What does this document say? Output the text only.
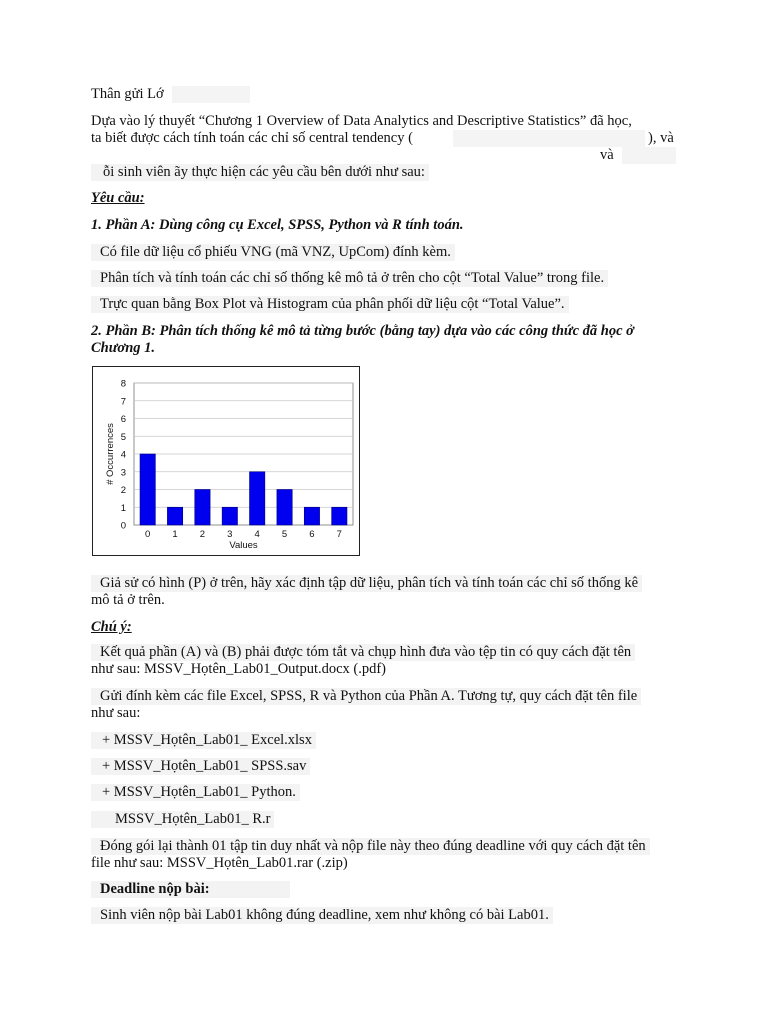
Thân gửi Lớ
Dựa vào lý thuyết “Chương 1 Overview of Data Analytics and Descriptive Statistics” đã học,
ta biết được cách tính toán các chỉ số central tendency (	), và
và
ỗi sinh viên ãy thực hiện các yêu cầu bên dưới như sau:
Yêu cầu:
1. Phần A: Dùng công cụ Excel, SPSS, Python và R tính toán.
Có file dữ liệu cổ phiếu VNG (mã VNZ, UpCom) đính kèm.
Phân tích và tính toán các chỉ số thống kê mô tả ở trên cho cột “Total Value” trong file.
Trực quan bằng Box Plot và Histogram của phân phối dữ liệu cột “Total Value”.
2. Phần B: Phân tích thống kê mô tả từng bước (bằng tay) dựa vào các công thức đã học ở
Chương 1.
0
1
2
3
4
5
6
7
8
0 1 2 3 4 5 6 7
Values
# Occurrences
Giả sử có hình (P) ở trên, hãy xác định tập dữ liệu, phân tích và tính toán các chỉ số thống kê
mô tả ở trên.
Chú ý:
Kết quả phần (A) và (B) phải được tóm tắt và chụp hình đưa vào tệp tin có quy cách đặt tên
như sau: MSSV_Họtên_Lab01_Output.docx (.pdf)
Gửi đính kèm các file Excel, SPSS, R và Python của Phần A. Tương tự, quy cách đặt tên file
như sau:
+ MSSV_Họtên_Lab01_ Excel.xlsx
+ MSSV_Họtên_Lab01_ SPSS.sav
+ MSSV_Họtên_Lab01_ Python.
MSSV_Họtên_Lab01_ R.r
Đóng gói lại thành 01 tập tin duy nhất và nộp file này theo đúng deadline với quy cách đặt tên
file như sau: MSSV_Họtên_Lab01.rar (.zip)
Deadline nộp bài:
Sinh viên nộp bài Lab01 không đúng deadline, xem như không có bài Lab01.
